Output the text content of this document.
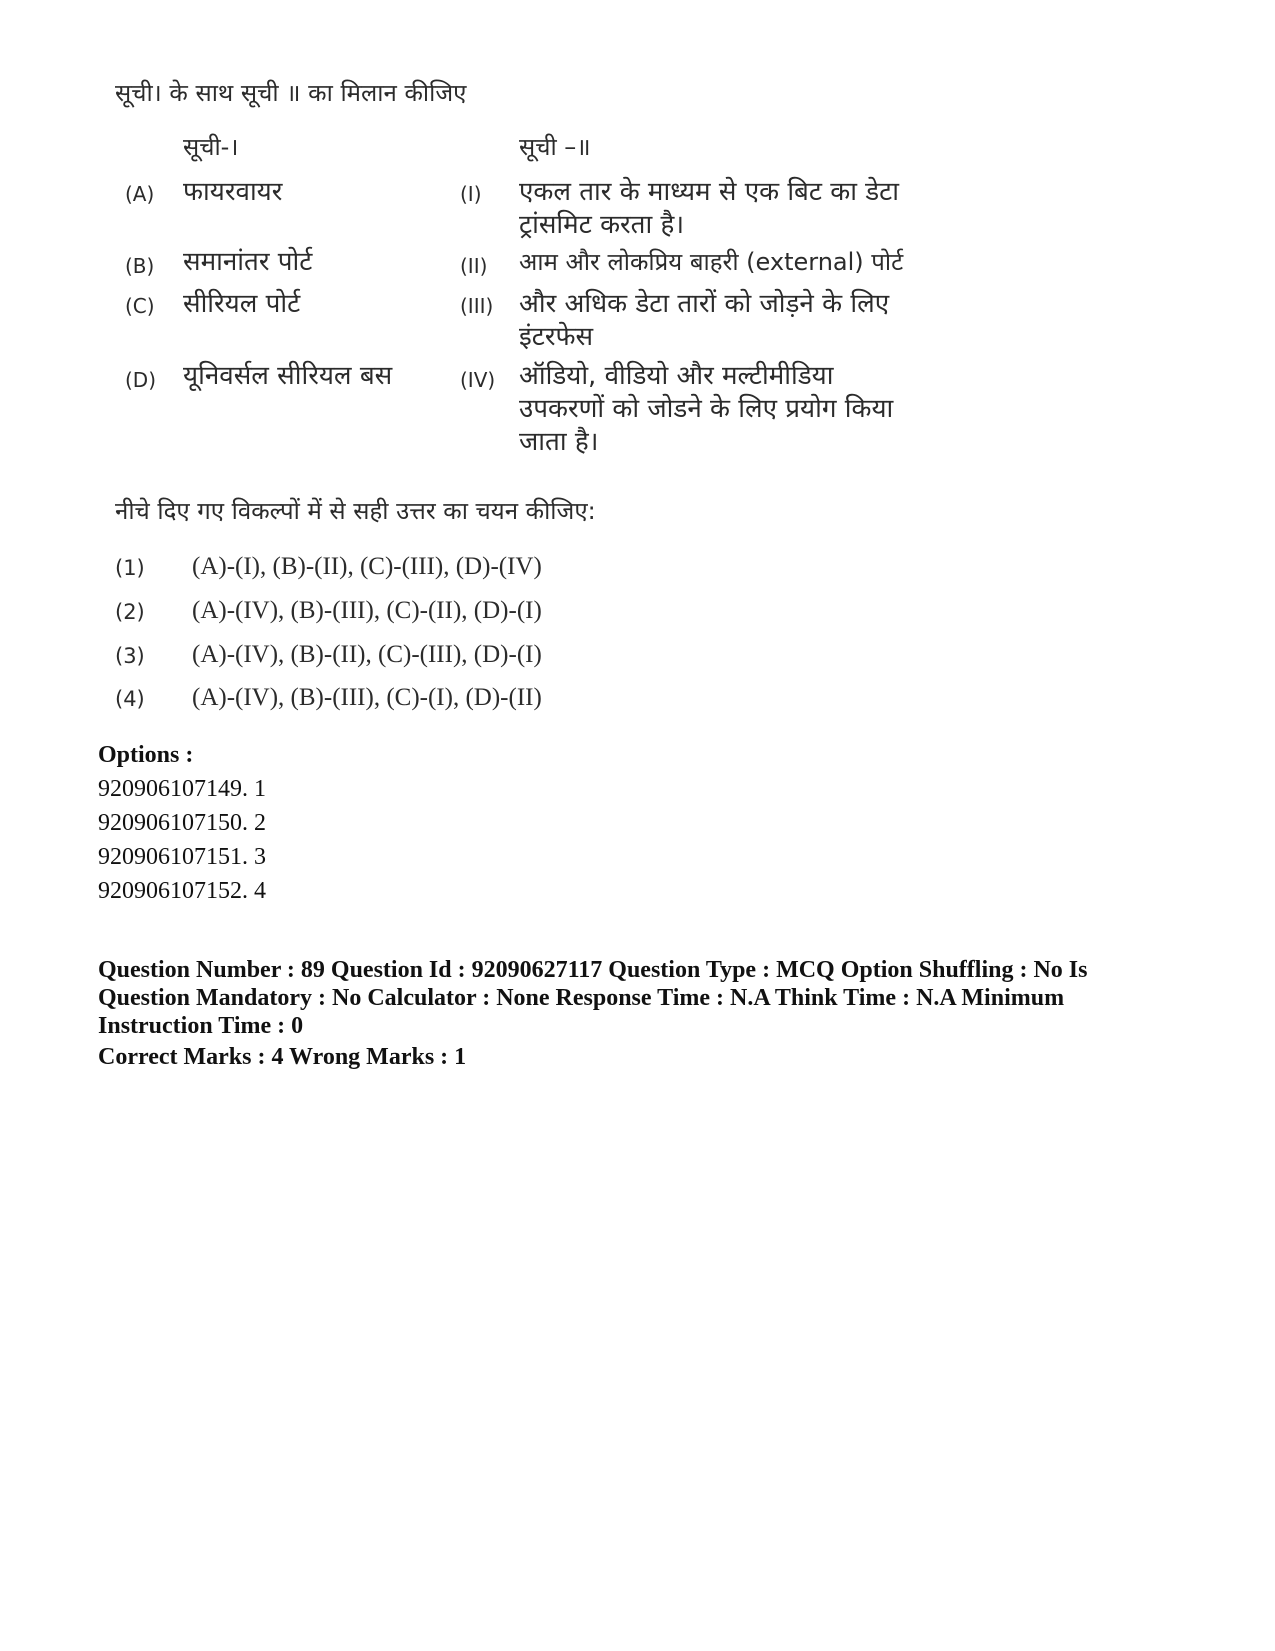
सूची। के साथ सूची ॥ का मिलान कीजिए
सूची-।	सूची –॥
(A) फायरवायर	(I) एकल तार के माध्यम से एक बिट का डेटा ट्रांसमिट करता है।
(B) समानांतर पोर्ट	(II) आम और लोकप्रिय बाहरी (external) पोर्ट
(C) सीरियल पोर्ट	(III) और अधिक डेटा तारों को जोड़ने के लिए इंटरफेस
(D) यूनिवर्सल सीरियल बस	(IV) ऑडियो, वीडियो और मल्टीमीडिया उपकरणों को जोडने के लिए प्रयोग किया जाता है।
नीचे दिए गए विकल्पों में से सही उत्तर का चयन कीजिए:
(1) (A)-(I), (B)-(II), (C)-(III), (D)-(IV)
(2) (A)-(IV), (B)-(III), (C)-(II), (D)-(I)
(3) (A)-(IV), (B)-(II), (C)-(III), (D)-(I)
(4) (A)-(IV), (B)-(III), (C)-(I), (D)-(II)
Options :
920906107149. 1
920906107150. 2
920906107151. 3
920906107152. 4
Question Number : 89 Question Id : 92090627117 Question Type : MCQ Option Shuffling : No Is Question Mandatory : No Calculator : None Response Time : N.A Think Time : N.A Minimum Instruction Time : 0
Correct Marks : 4 Wrong Marks : 1
